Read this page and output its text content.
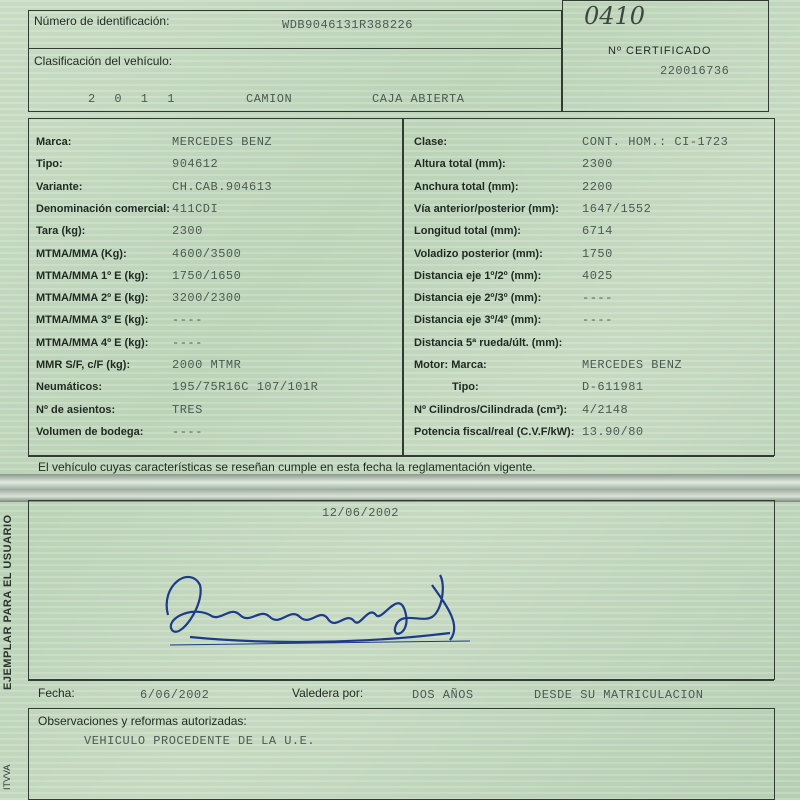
Número de identificación:	WDB9046131R388226
Clasificación del vehículo:
2 0 1 1	CAMION	CAJA ABIERTA
0410
Nº CERTIFICADO
220016736
Marca:	MERCEDES BENZ
Tipo:	904612
Variante:	CH.CAB.904613
Denominación comercial: 411CDI
Tara (kg):	2300
MTMA/MMA (Kg):	4600/3500
MTMA/MMA 1º E (kg): 1750/1650
MTMA/MMA 2º E (kg): 3200/2300
MTMA/MMA 3º E (kg): ----
MTMA/MMA 4º E (kg): ----
MMR S/F, c/F (kg):	2000 MTMR
Neumáticos:	195/75R16C 107/101R
Nº de asientos:	TRES
Volumen de bodega: ----
Clase:	CONT. HOM.: CI-1723
Altura total (mm):	2300
Anchura total (mm):	2200
Vía anterior/posterior (mm): 1647/1552
Longitud total (mm):	6714
Voladizo posterior (mm):	1750
Distancia eje 1º/2º (mm):	4025
Distancia eje 2º/3º (mm):	----
Distancia eje 3º/4º (mm):	----
Distancia 5ª rueda/últ. (mm):
Motor: Marca:	MERCEDES BENZ
Tipo:	D-611981
Nº Cilindros/Cilindrada (cm³): 4/2148
Potencia fiscal/real (C.V.F/kW): 13.90/80
El vehículo cuyas características se reseñan cumple en esta fecha la reglamentación vigente.
12/06/2002
Fecha:	6/06/2002	Valedera por:	DOS AÑOS	DESDE SU MATRICULACION
Observaciones y reformas autorizadas:
VEHICULO PROCEDENTE DE LA U.E.
EJEMPLAR PARA EL USUARIO
ITVVA
